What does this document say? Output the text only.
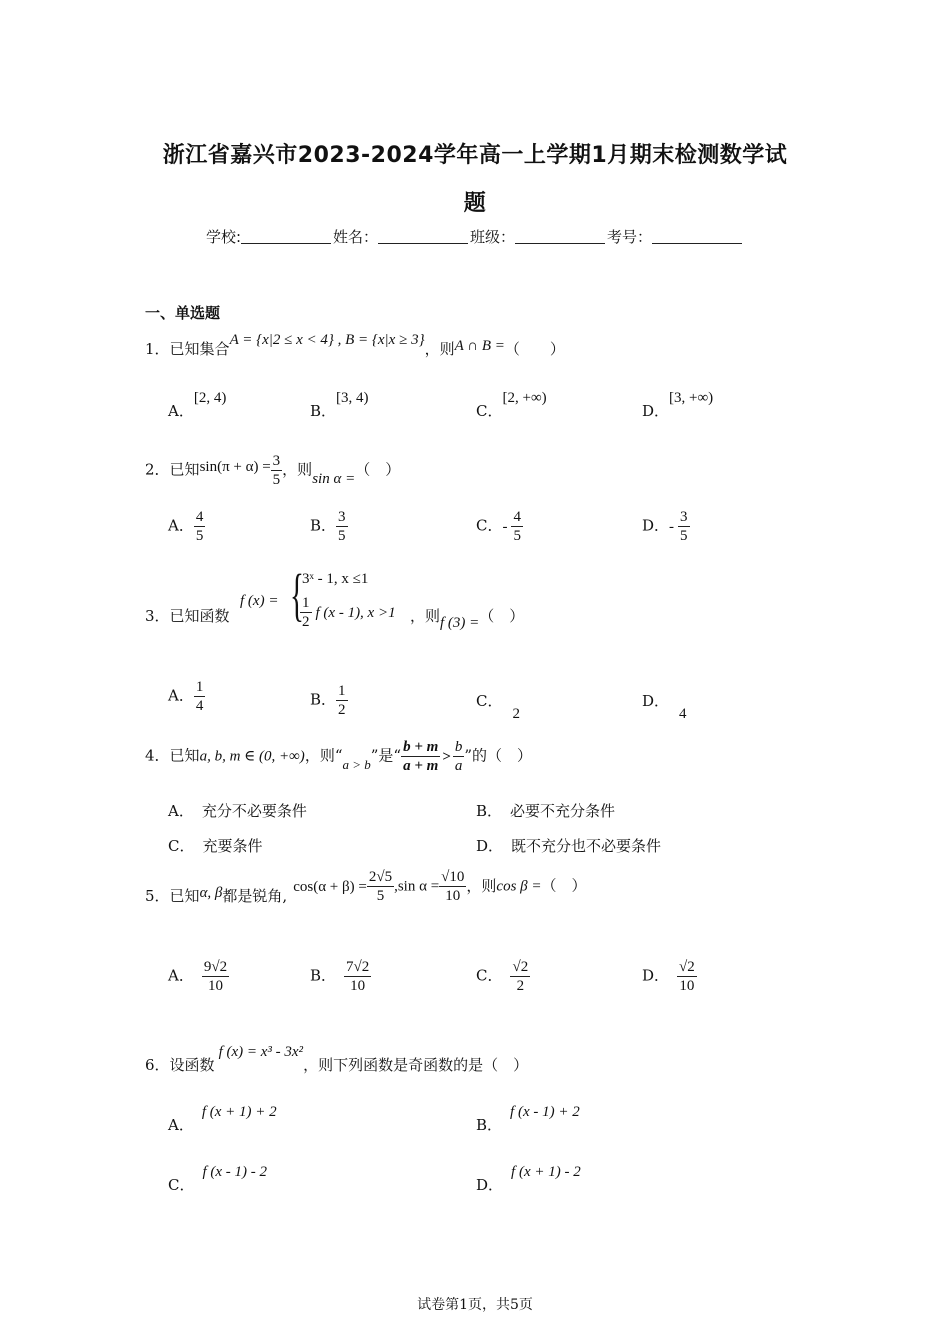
浙江省嘉兴市2023-2024学年高一上学期1月期末检测数学试
题
学校:	姓名：	班级：	考号：
一、单选题
1．已知集合A = {x|2 ≤ x < 4} , B = {x|x ≥ 3}，则A ∩ B =（　　）
A．[2, 4)
B．[3, 4)
C．[2, +∞)
D．[3, +∞)
2．已知$\sin(\pi + \alpha) = \frac{3}{5}$ ，则sin α =（　）
A． $\frac{4}{5}$	B． $\frac{3}{5}$	C．- $\frac{4}{5}$	D．- $\frac{3}{5}$
3．已知函数
f (x) = {
3ˣ - 1, x ≤1
$\frac{1}{2}$ f (x - 1), x >1 ，则f (3) =（　）
A． $\frac{1}{4}$	B． $\frac{1}{2}$	C．2
D．4
4．已知a, b, m ∈ (0, +∞)，则“a > b”是“ $\frac{b + m}{a + m} > \frac{b}{a}$ ”的（　）
A． 充分不必要条件	B． 必要不充分条件
C． 充要条件	D． 既不充分也不必要条件
5．已知α, β都是锐角, $\cos(\alpha + \beta) = \frac{2√5}{5} ,\sin$ $\alpha = \frac{√10}{10}$ ，则cos β =（　）
A． $\frac{9√2}{10}$	B． $\frac{7√2}{10}$	C． $\frac{√2}{2}$	D． $\frac{√2}{10}$
6．设函数f (x) = x³ - 3x²，则下列函数是奇函数的是（　）
A．f (x + 1) + 2
B．f (x - 1) + 2
C．f (x - 1) - 2
D．f (x + 1) - 2
试卷第1页，共5页
